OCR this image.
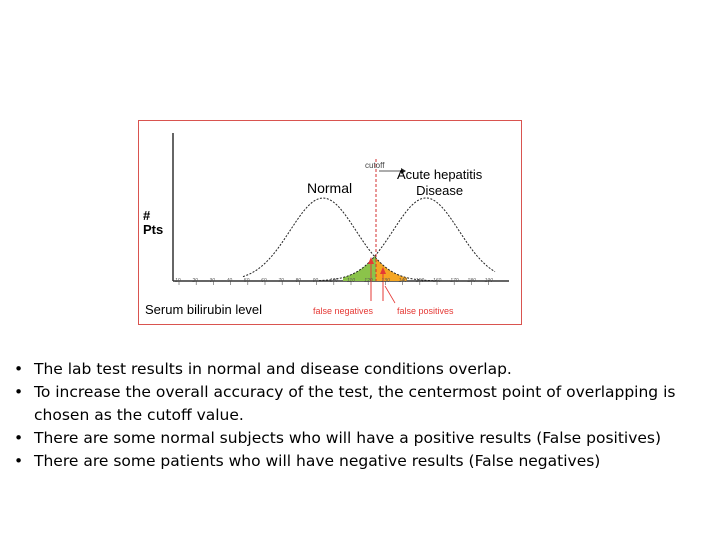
Normal
Acute hepatitis
Disease
cutoff
#
Pts
Serum bilirubin level	false negatives	false positives
10 20 30 40 50 60 70 80 90 100 110 120 130 140 150 160 170 180 190
• The lab test results in normal and disease conditions overlap.
• To increase the overall accuracy of the test, the centermost point of overlapping is chosen as the cutoff value.
• There are some normal subjects who will have a positive results (False positives)
• There are some patients who will have negative results (False negatives)
